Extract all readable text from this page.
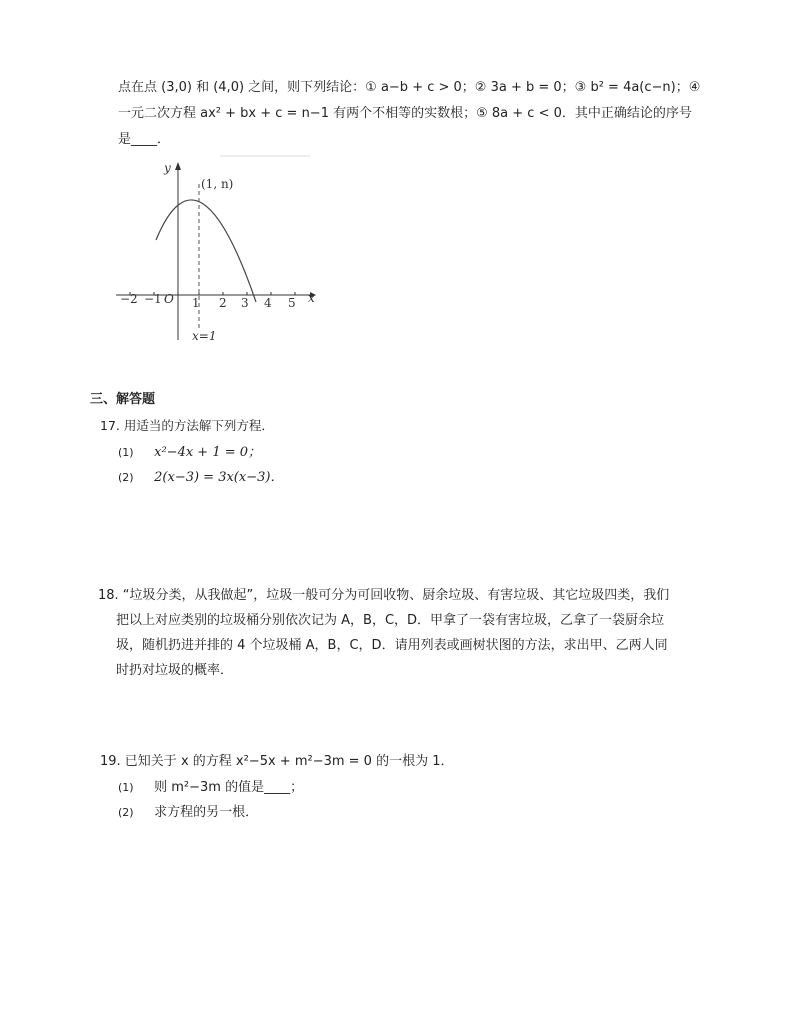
点在点 (3,0) 和 (4,0) 之间，则下列结论：① a−b + c > 0；② 3a + b = 0；③ b² = 4a(c−n)；④
一元二次方程 ax² + bx + c = n−1 有两个不相等的实数根；⑤ 8a + c < 0．其中正确结论的序号
是____．
y
x
(1, n)
−2 −1 O 1 2 3 4 5
x=1
三、解答题
17. 用适当的方法解下列方程．
(1) x²−4x + 1 = 0；
(2) 2(x−3) = 3x(x−3)．
18. “垃圾分类，从我做起”，垃圾一般可分为可回收物、厨余垃圾、有害垃圾、其它垃圾四类，我们
把以上对应类别的垃圾桶分别依次记为 A，B，C，D．甲拿了一袋有害垃圾，乙拿了一袋厨余垃
圾，随机扔进并排的 4 个垃圾桶 A，B，C，D．请用列表或画树状图的方法，求出甲、乙两人同
时扔对垃圾的概率．
19. 已知关于 x 的方程 x²−5x + m²−3m = 0 的一根为 1．
(1) 则 m²−3m 的值是____；
(2) 求方程的另一根．
